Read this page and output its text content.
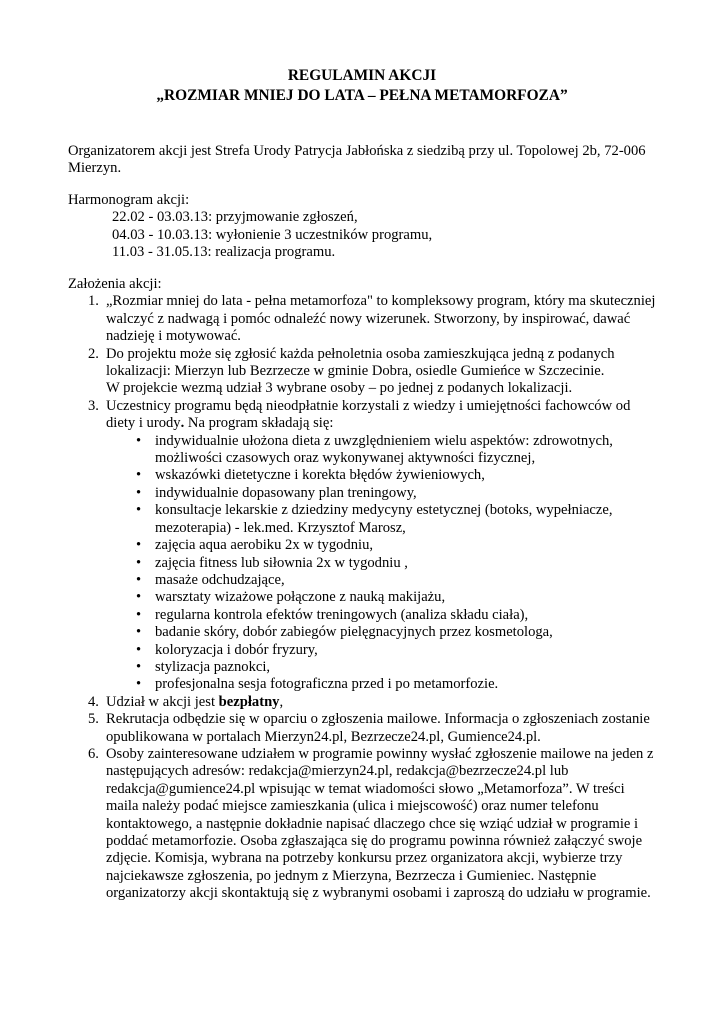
REGULAMIN AKCJI
„ROZMIAR MNIEJ DO LATA – PEŁNA METAMORFOZA”
Organizatorem akcji jest Strefa Urody Patrycja Jabłońska z siedzibą przy ul. Topolowej 2b, 72-006 Mierzyn.
Harmonogram akcji:
22.02 - 03.03.13: przyjmowanie zgłoszeń,
04.03 - 10.03.13: wyłonienie 3 uczestników programu,
11.03 - 31.05.13: realizacja programu.
Założenia akcji:
1. „Rozmiar mniej do lata - pełna metamorfoza" to kompleksowy program, który ma skuteczniej walczyć z nadwagą i pomóc odnaleźć nowy wizerunek. Stworzony, by inspirować, dawać nadzieję i motywować.
2. Do projektu może się zgłosić każda pełnoletnia osoba zamieszkująca jedną z podanych lokalizacji: Mierzyn lub Bezrzecze w gminie Dobra, osiedle Gumieńce w Szczecinie.
W projekcie wezmą udział 3 wybrane osoby – po jednej z podanych lokalizacji.
3. Uczestnicy programu będą nieodpłatnie korzystali z wiedzy i umiejętności fachowców od diety i urody. Na program składają się:
• indywidualnie ułożona dieta z uwzględnieniem wielu aspektów: zdrowotnych, możliwości czasowych oraz wykonywanej aktywności fizycznej,
• wskazówki dietetyczne i korekta błędów żywieniowych,
• indywidualnie dopasowany plan treningowy,
• konsultacje lekarskie z dziedziny medycyny estetycznej (botoks, wypełniacze, mezoterapia) - lek.med. Krzysztof Marosz,
• zajęcia aqua aerobiku 2x w tygodniu,
• zajęcia fitness lub siłownia 2x w tygodniu ,
• masaże odchudzające,
• warsztaty wizażowe połączone z nauką makijażu,
• regularna kontrola efektów treningowych (analiza składu ciała),
• badanie skóry, dobór zabiegów pielęgnacyjnych przez kosmetologa,
• koloryzacja i dobór fryzury,
• stylizacja paznokci,
• profesjonalna sesja fotograficzna przed i po metamorfozie.
4. Udział w akcji jest bezpłatny,
5. Rekrutacja odbędzie się w oparciu o zgłoszenia mailowe. Informacja o zgłoszeniach zostanie opublikowana w portalach Mierzyn24.pl, Bezrzecze24.pl, Gumience24.pl.
6. Osoby zainteresowane udziałem w programie powinny wysłać zgłoszenie mailowe na jeden z następujących adresów: redakcja@mierzyn24.pl, redakcja@bezrzecze24.pl lub redakcja@gumience24.pl wpisując w temat wiadomości słowo „Metamorfoza”. W treści maila należy podać miejsce zamieszkania (ulica i miejscowość) oraz numer telefonu kontaktowego, a następnie dokładnie napisać dlaczego chce się wziąć udział w programie i poddać metamorfozie. Osoba zgłaszająca się do programu powinna również załączyć swoje zdjęcie. Komisja, wybrana na potrzeby konkursu przez organizatora akcji, wybierze trzy najciekawsze zgłoszenia, po jednym z Mierzyna, Bezrzecza i Gumieniec. Następnie organizatorzy akcji skontaktują się z wybranymi osobami i zaproszą do udziału w programie.
